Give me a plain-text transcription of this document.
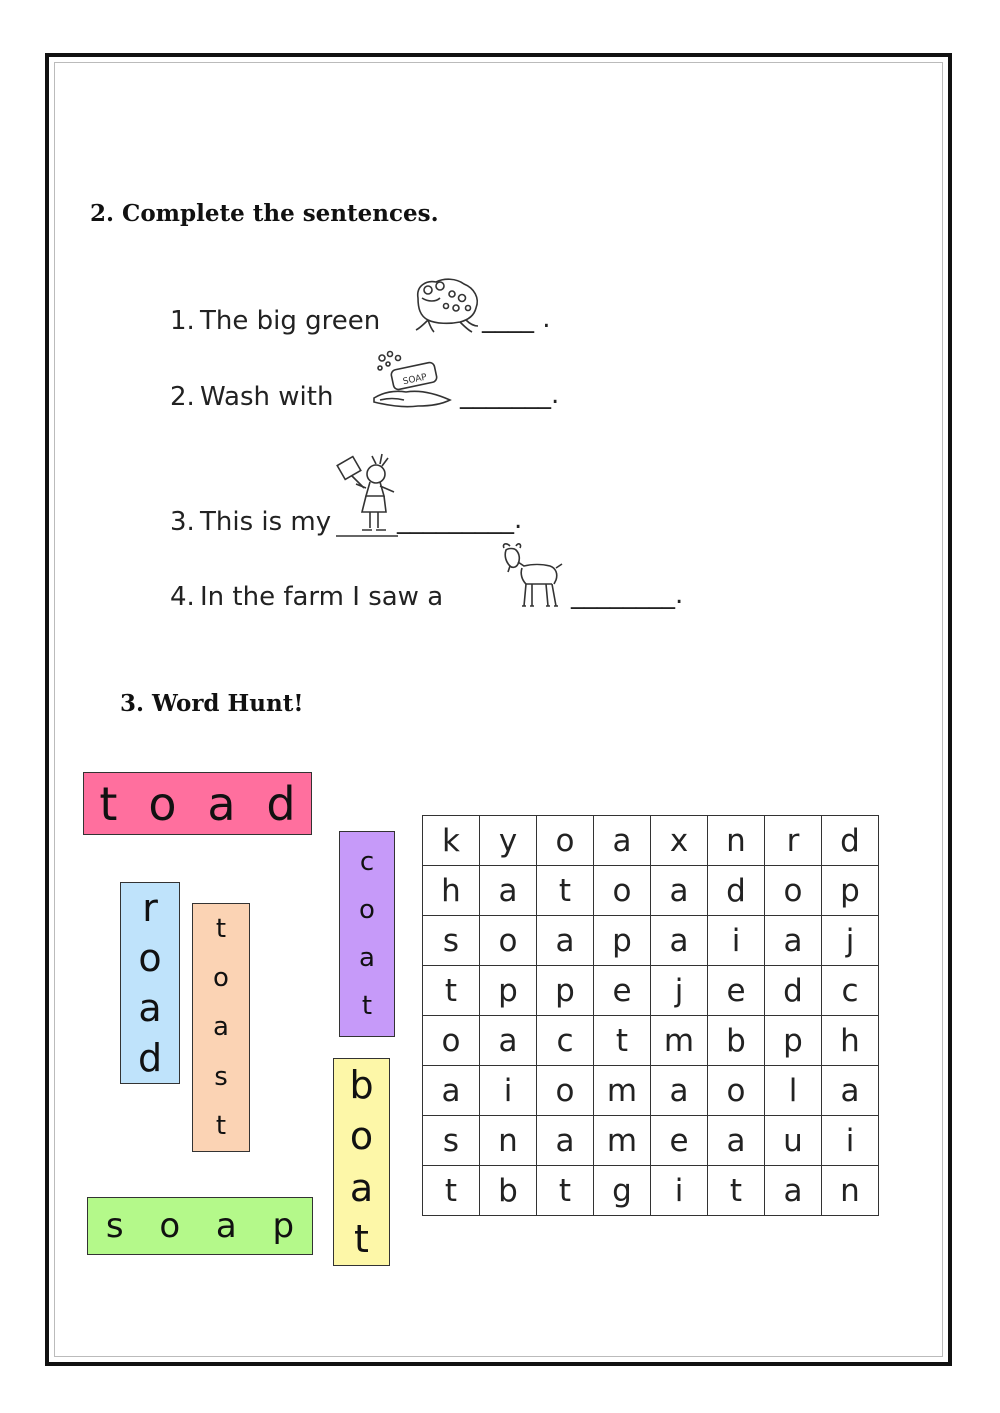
2. Complete the sentences.
1. The big green	____ .
2. Wash with
SOAP
_______.
3. This is my	_________.
4. In the farm I saw a	________.
3. Word Hunt!
t o a d
r
o
a
d
t
o
a
s
t
c
o
a
t
b
o
a
t
s o a p
k	y	o	a	x	n	r	d
h	a	t	o	a	d	o	p
s	o	a	p	a	i	a	j
t	p	p	e	j	e	d	c
o	a	c	t	m	b	p	h
a	i	o	m	a	o	l	a
s	n	a	m	e	a	u	i
t	b	t	g	i	t	a	n
